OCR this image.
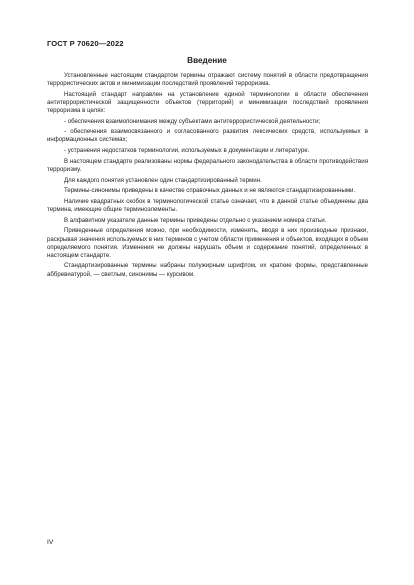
ГОСТ Р 70620—2022
Введение

Установленные настоящим стандартом термины отражают систему понятий в области предотвращения террористических актов и минимизации последствий проявлений терроризма.

Настоящий стандарт направлен на установление единой терминологии в области обеспечения антитеррористической защищенности объектов (территорий) и минимизации последствий проявления терроризма в целях:

- обеспечения взаимопонимания между субъектами антитеррористической деятельности;

- обеспечения взаимосвязанного и согласованного развития лексических средств, используемых в информационных системах;

- устранения недостатков терминологии, используемых в документации и литературе.

В настоящем стандарте реализованы нормы федерального законодательства в области противодействия терроризму.

Для каждого понятия установлен один стандартизированный термин.

Термины-синонимы приведены в качестве справочных данных и не являются стандартизированными.

Наличие квадратных скобок в терминологической статье означает, что в данной статье объединены два термина, имеющие общие терминоэлементы.

В алфавитном указателе данные термины приведены отдельно с указанием номера статьи.

Приведенные определения можно, при необходимости, изменять, вводя в них производные признаки, раскрывая значения используемых в них терминов с учетом области применения и объектов, входящих в объем определяемого понятия. Изменения не должны нарушать объем и содержание понятий, определенных в настоящем стандарте.

Стандартизированные термины набраны полужирным шрифтом, их краткие формы, представленные аббревиатурой, — светлым, синонимы — курсивом.

IV
